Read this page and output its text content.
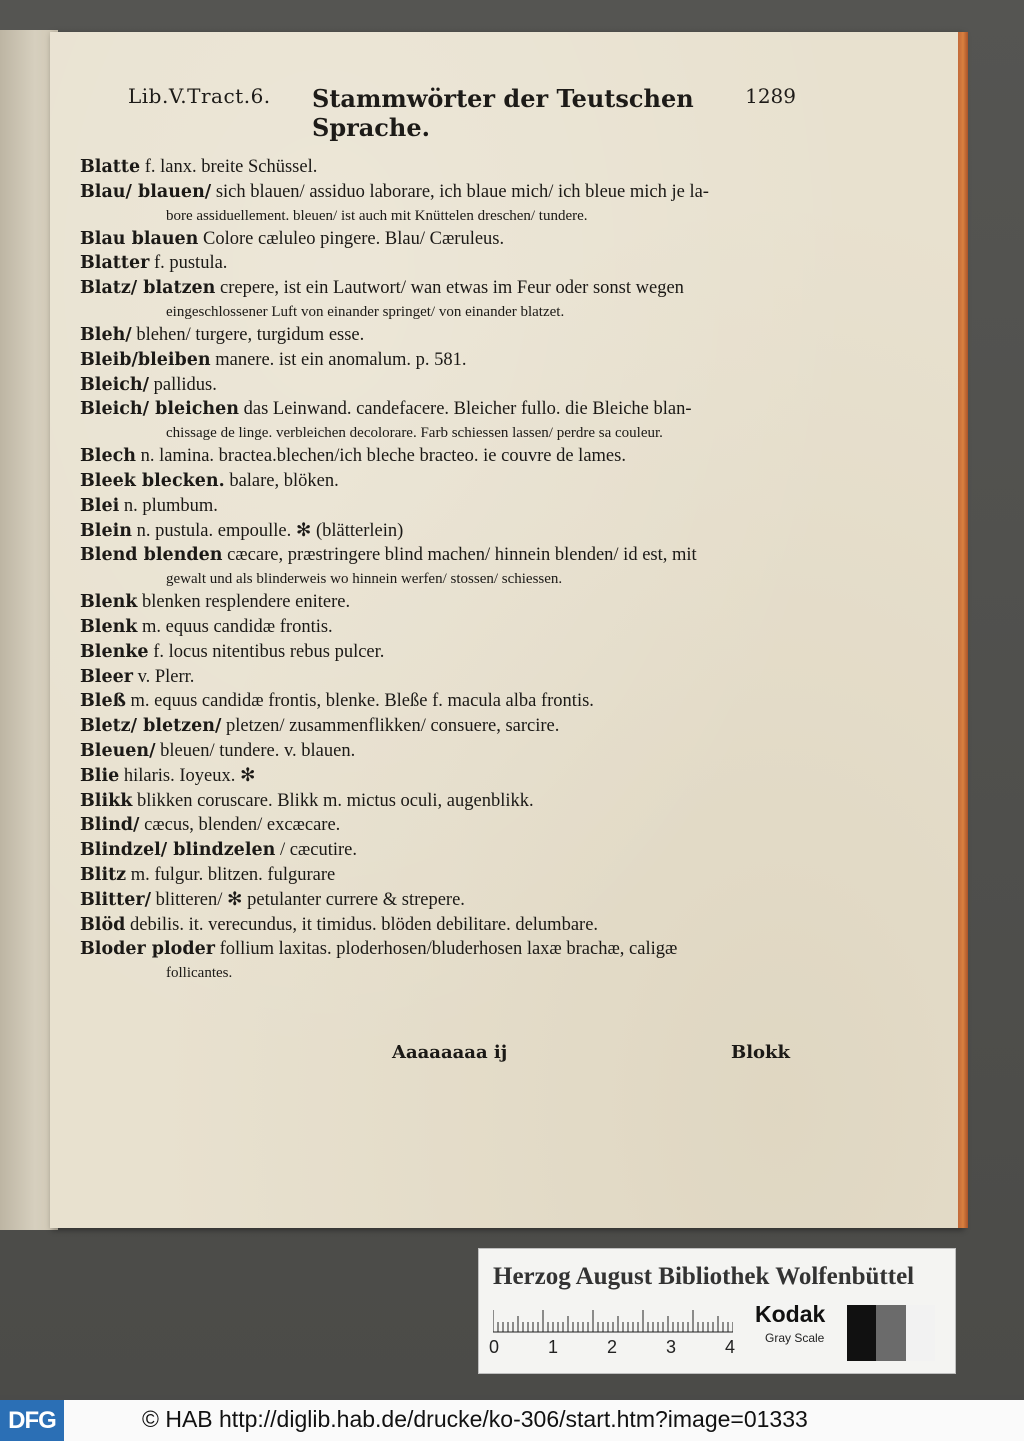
Lib.V.Tract.6. Stammwörter der Teutschen Sprache.
1289
Blatte f. lanx. breite Schüssel.
Blau/ blauen/ sich blauen/ assiduo laborare, ich blaue mich/ ich bleue mich je la-
bore assiduellement. bleuen/ ist auch mit Knüttelen dreschen/ tundere.
Blau blauen Colore cæluleo pingere. Blau/ Cæruleus.
Blatter f. pustula.
Blatz/ blatzen crepere, ist ein Lautwort/ wan etwas im Feur oder sonst wegen
eingeschlossener Luft von einander springet/ von einander blatzet.
Bleh/ blehen/ turgere, turgidum esse.
Bleib/bleiben manere. ist ein anomalum. p. 581.
Bleich/ pallidus.
Bleich/ bleichen das Leinwand. candefacere. Bleicher fullo. die Bleiche blan-
chissage de linge. verbleichen decolorare. Farb schiessen lassen/ perdre sa couleur.
Blech n. lamina. bractea.blechen/ich bleche bracteo. ie couvre de lames.
Bleek blecken. balare, blöken.
Blei n. plumbum.
Blein n. pustula. empoulle. ✻ (blätterlein)
Blend blenden cæcare, præstringere blind machen/ hinnein blenden/ id est, mit
gewalt und als blinderweis wo hinnein werfen/ stossen/ schiessen.
Blenk blenken resplendere enitere.
Blenk m. equus candidæ frontis.
Blenke f. locus nitentibus rebus pulcer.
Bleer v. Plerr.
Bleß m. equus candidæ frontis, blenke. Bleße f. macula alba frontis.
Bletz/ bletzen/ pletzen/ zusammenflikken/ consuere, sarcire.
Bleuen/ bleuen/ tundere. v. blauen.
Blie hilaris. Ioyeux. ✻
Blikk blikken coruscare. Blikk m. mictus oculi, augenblikk.
Blind/ cæcus, blenden/ excæcare.
Blindzel/ blindzelen / cæcutire.
Blitz m. fulgur. blitzen. fulgurare
Blitter/ blitteren/ ✻ petulanter currere & strepere.
Blöd debilis. it. verecundus, it timidus. blöden debilitare. delumbare.
Bloder ploder follium laxitas. ploderhosen/bluderhosen laxæ brachæ, caligæ
follicantes.
Aaaaaaaa ij	Blokk
Herzog August Bibliothek Wolfenbüttel
0	1	2	3	4
Kodak
Gray Scale
DFG	© HAB http://diglib.hab.de/drucke/ko-306/start.htm?image=01333
